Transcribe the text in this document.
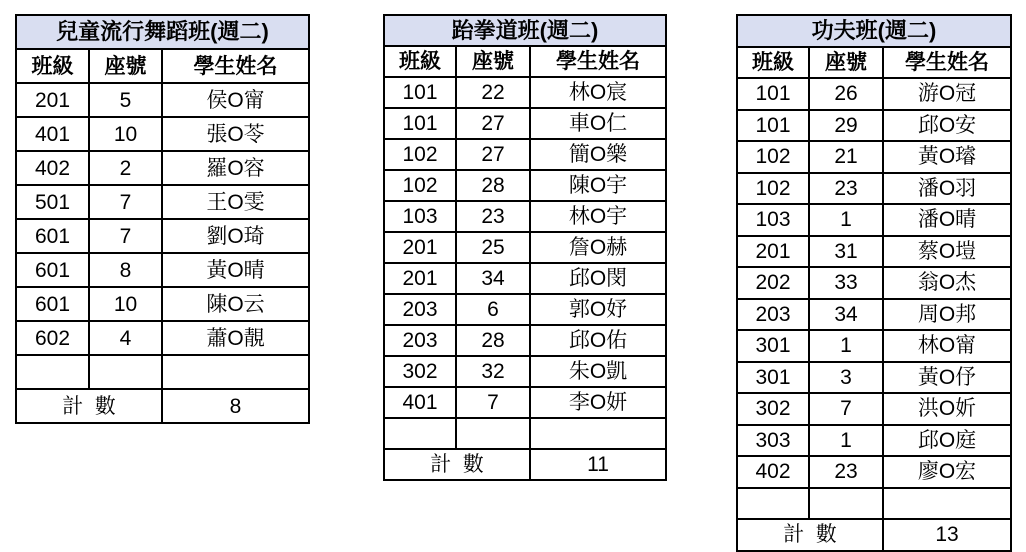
兒童流行舞蹈班(週二)		
班級	座號	學生姓名
201	5	侯O甯
401	10	張O苓
402	2	羅O容
501	7	王O雯
601	7	劉O琦
601	8	黃O晴
601	10	陳O云
602	4	蕭O靚

計數		8
跆拳道班(週二)		
班級	座號	學生姓名
101	22	林O宸
101	27	車O仁
102	27	簡O樂
102	28	陳O宇
103	23	林O宇
201	25	詹O赫
201	34	邱O閔
203	6	郭O妤
203	28	邱O佑
302	32	朱O凱
401	7	李O妍

計數		11
功夫班(週二)		
班級	座號	學生姓名
101	26	游O冠
101	29	邱O安
102	21	黃O璿
102	23	潘O羽
103	1	潘O晴
201	31	蔡O塏
202	33	翁O杰
203	34	周O邦
301	1	林O甯
301	3	黃O伃
302	7	洪O妡
303	1	邱O庭
402	23	廖O宏

計數		13
